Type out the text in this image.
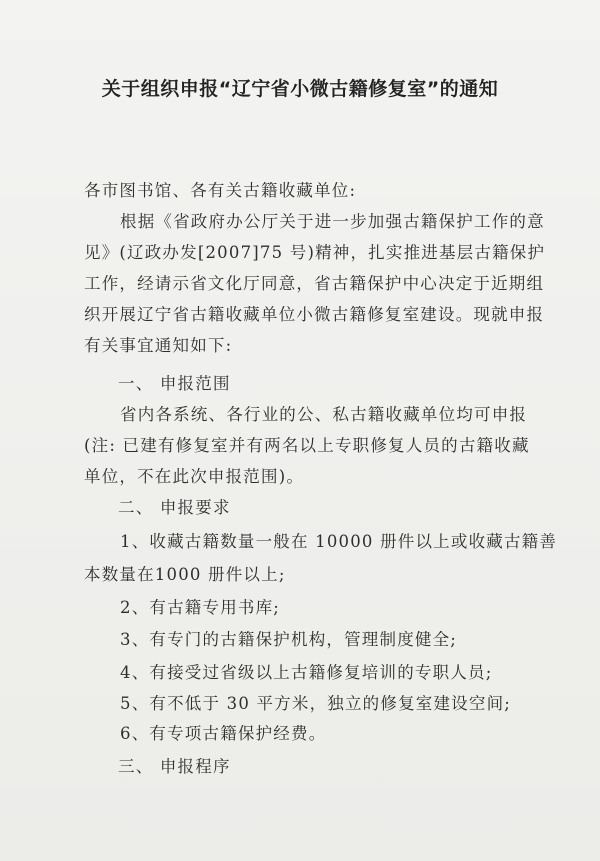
关于组织申报“辽宁省小微古籍修复室”的通知
各市图书馆、各有关古籍收藏单位:
根据《省政府办公厅关于进一步加强古籍保护工作的意
见》(辽政办发[2007]75 号)精神，扎实推进基层古籍保护
工作，经请示省文化厅同意，省古籍保护中心决定于近期组
织开展辽宁省古籍收藏单位小微古籍修复室建设。现就申报
有关事宜通知如下:
一、 申报范围
省内各系统、各行业的公、私古籍收藏单位均可申报
(注: 已建有修复室并有两名以上专职修复人员的古籍收藏
单位，不在此次申报范围)。
二、 申报要求
1、收藏古籍数量一般在 10000 册件以上或收藏古籍善
本数量在1000 册件以上;
2、有古籍专用书库;
3、有专门的古籍保护机构，管理制度健全;
4、有接受过省级以上古籍修复培训的专职人员;
5、有不低于 30 平方米，独立的修复室建设空间;
6、有专项古籍保护经费。
三、 申报程序
